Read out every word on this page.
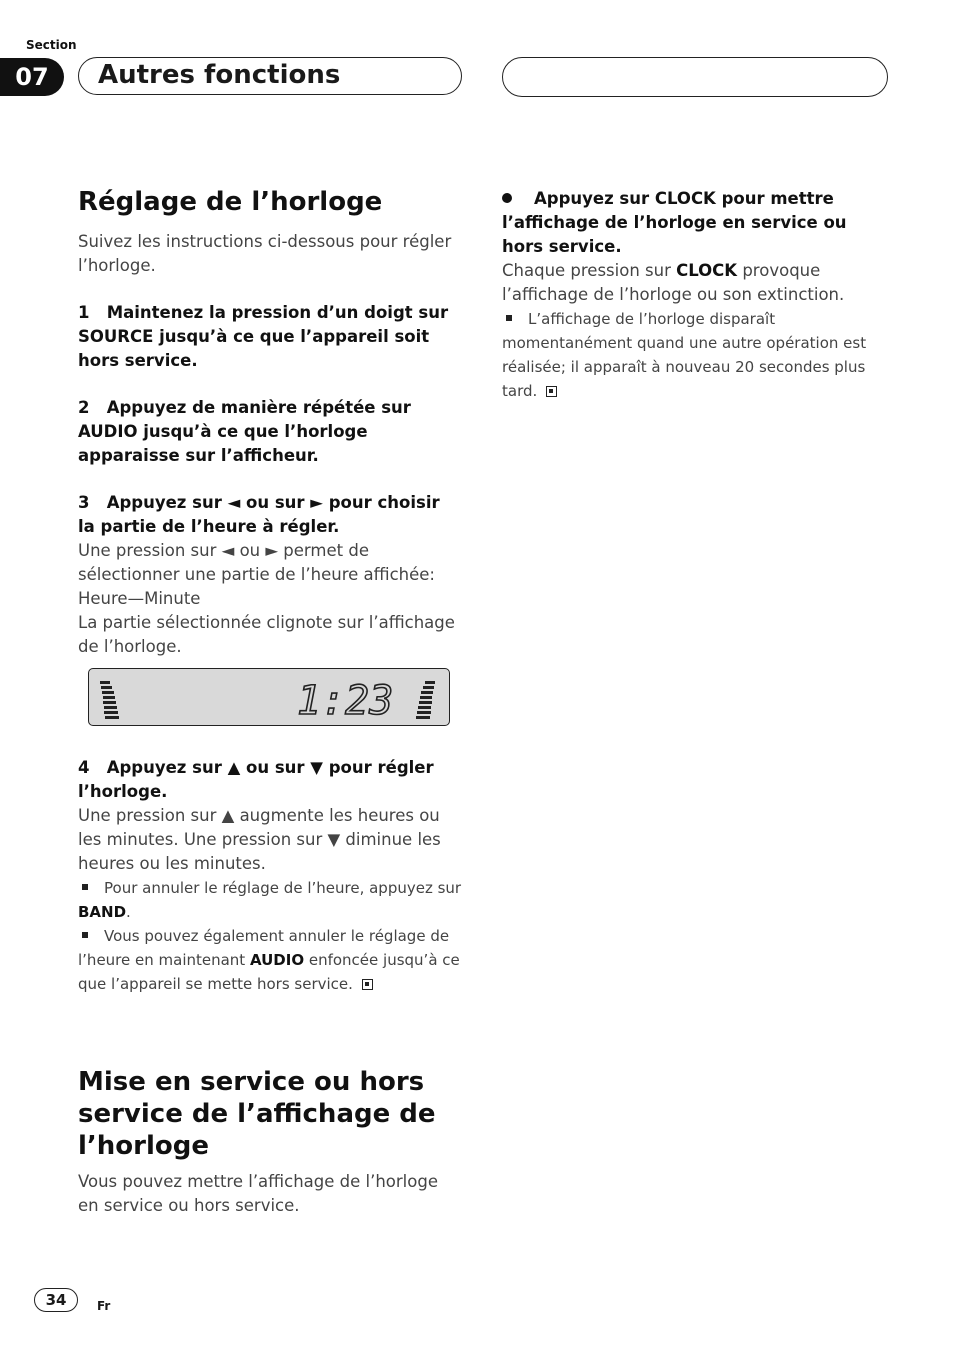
Section
07	Autres fonctions
Réglage de l’horloge
Suivez les instructions ci-dessous pour régler l’horloge.
1   Maintenez la pression d’un doigt sur SOURCE jusqu’à ce que l’appareil soit hors service.
2   Appuyez de manière répétée sur AUDIO jusqu’à ce que l’horloge apparaisse sur l’afficheur.
3   Appuyez sur ◄ ou sur ► pour choisir la partie de l’heure à régler.
Une pression sur ◄ ou ► permet de sélectionner une partie de l’heure affichée:
Heure—Minute
La partie sélectionnée clignote sur l’affichage de l’horloge.
1:23
4   Appuyez sur ▲ ou sur ▼ pour régler l’horloge.
Une pression sur ▲ augmente les heures ou les minutes. Une pression sur ▼ diminue les heures ou les minutes.
Pour annuler le réglage de l’heure, appuyez sur BAND.
Vous pouvez également annuler le réglage de l’heure en maintenant AUDIO enfoncée jusqu’à ce que l’appareil se mette hors service.
Mise en service ou hors service de l’affichage de l’horloge
Vous pouvez mettre l’affichage de l’horloge en service ou hors service.
Appuyez sur CLOCK pour mettre l’affichage de l’horloge en service ou hors service.
Chaque pression sur CLOCK provoque l’affichage de l’horloge ou son extinction.
L’affichage de l’horloge disparaît momentanément quand une autre opération est réalisée; il apparaît à nouveau 20 secondes plus tard.
34	Fr
